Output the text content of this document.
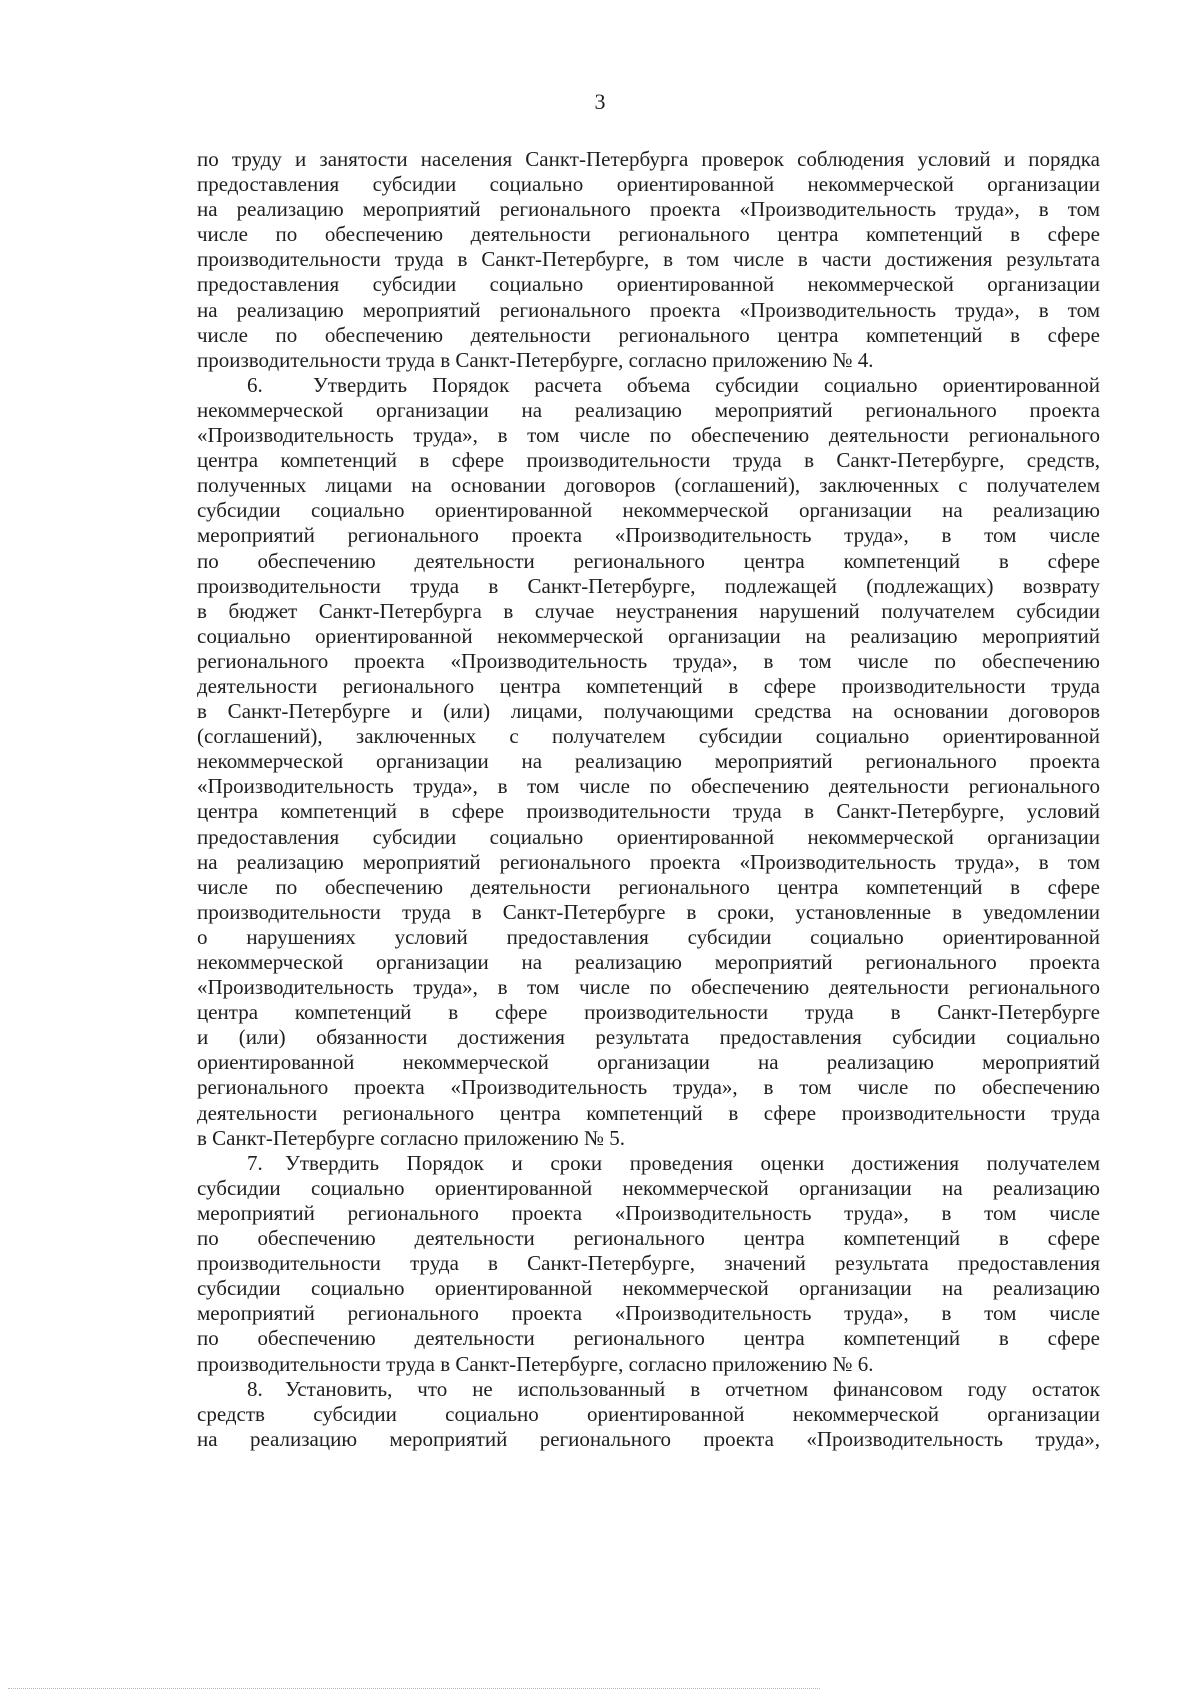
3
по труду и занятости населения Санкт-Петербурга проверок соблюдения условий и порядка
предоставления субсидии социально ориентированной некоммерческой организации
на реализацию мероприятий регионального проекта «Производительность труда», в том
числе по обеспечению деятельности регионального центра компетенций в сфере
производительности труда в Санкт-Петербурге, в том числе в части достижения результата
предоставления субсидии социально ориентированной некоммерческой организации
на реализацию мероприятий регионального проекта «Производительность труда», в том
числе по обеспечению деятельности регионального центра компетенций в сфере
производительности труда в Санкт-Петербурге, согласно приложению № 4.
6. Утвердить Порядок расчета объема субсидии социально ориентированной
некоммерческой организации на реализацию мероприятий регионального проекта
«Производительность труда», в том числе по обеспечению деятельности регионального
центра компетенций в сфере производительности труда в Санкт-Петербурге, средств,
полученных лицами на основании договоров (соглашений), заключенных с получателем
субсидии социально ориентированной некоммерческой организации на реализацию
мероприятий регионального проекта «Производительность труда», в том числе
по обеспечению деятельности регионального центра компетенций в сфере
производительности труда в Санкт-Петербурге, подлежащей (подлежащих) возврату
в бюджет Санкт-Петербурга в случае неустранения нарушений получателем субсидии
социально ориентированной некоммерческой организации на реализацию мероприятий
регионального проекта «Производительность труда», в том числе по обеспечению
деятельности регионального центра компетенций в сфере производительности труда
в Санкт-Петербурге и (или) лицами, получающими средства на основании договоров
(соглашений), заключенных с получателем субсидии социально ориентированной
некоммерческой организации на реализацию мероприятий регионального проекта
«Производительность труда», в том числе по обеспечению деятельности регионального
центра компетенций в сфере производительности труда в Санкт-Петербурге, условий
предоставления субсидии социально ориентированной некоммерческой организации
на реализацию мероприятий регионального проекта «Производительность труда», в том
числе по обеспечению деятельности регионального центра компетенций в сфере
производительности труда в Санкт-Петербурге в сроки, установленные в уведомлении
о нарушениях условий предоставления субсидии социально ориентированной
некоммерческой организации на реализацию мероприятий регионального проекта
«Производительность труда», в том числе по обеспечению деятельности регионального
центра компетенций в сфере производительности труда в Санкт-Петербурге
и (или) обязанности достижения результата предоставления субсидии социально
ориентированной некоммерческой организации на реализацию мероприятий
регионального проекта «Производительность труда», в том числе по обеспечению
деятельности регионального центра компетенций в сфере производительности труда
в Санкт-Петербурге согласно приложению № 5.
7. Утвердить Порядок и сроки проведения оценки достижения получателем
субсидии социально ориентированной некоммерческой организации на реализацию
мероприятий регионального проекта «Производительность труда», в том числе
по обеспечению деятельности регионального центра компетенций в сфере
производительности труда в Санкт-Петербурге, значений результата предоставления
субсидии социально ориентированной некоммерческой организации на реализацию
мероприятий регионального проекта «Производительность труда», в том числе
по обеспечению деятельности регионального центра компетенций в сфере
производительности труда в Санкт-Петербурге, согласно приложению № 6.
8. Установить, что не использованный в отчетном финансовом году остаток
средств субсидии социально ориентированной некоммерческой организации
на реализацию мероприятий регионального проекта «Производительность труда»,
